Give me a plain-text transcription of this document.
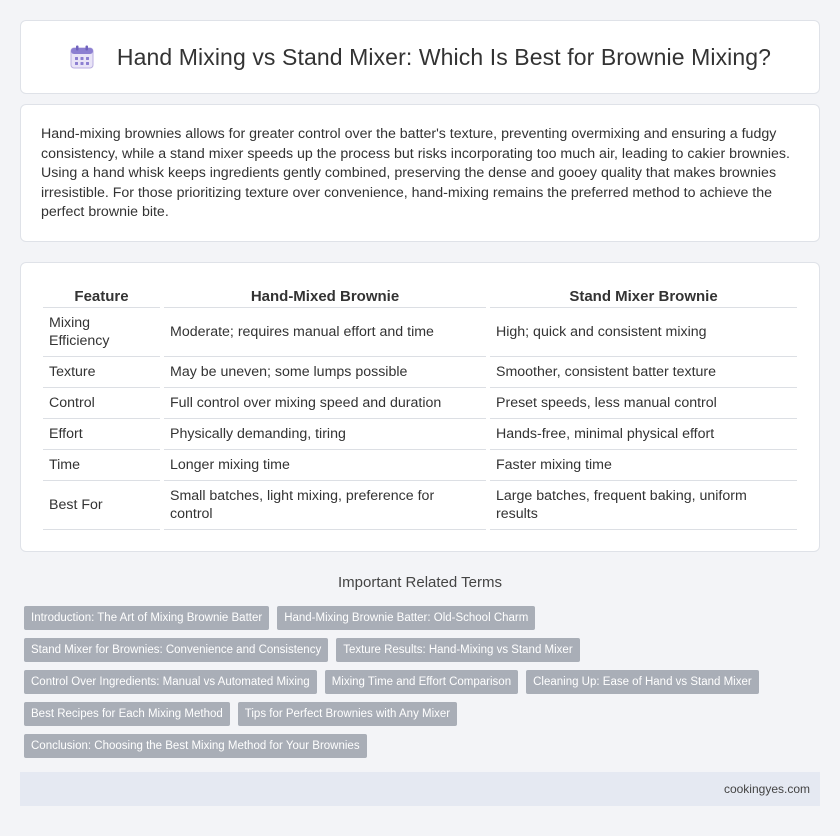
Hand Mixing vs Stand Mixer: Which Is Best for Brownie Mixing?

Hand-mixing brownies allows for greater control over the batter's texture, preventing overmixing and ensuring a fudgy consistency, while a stand mixer speeds up the process but risks incorporating too much air, leading to cakier brownies. Using a hand whisk keeps ingredients gently combined, preserving the dense and gooey quality that makes brownies irresistible. For those prioritizing texture over convenience, hand-mixing remains the preferred method to achieve the perfect brownie bite.

Feature	Hand-Mixed Brownie	Stand Mixer Brownie
Mixing Efficiency	Moderate; requires manual effort and time	High; quick and consistent mixing
Texture	May be uneven; some lumps possible	Smoother, consistent batter texture
Control	Full control over mixing speed and duration	Preset speeds, less manual control
Effort	Physically demanding, tiring	Hands-free, minimal physical effort
Time	Longer mixing time	Faster mixing time
Best For	Small batches, light mixing, preference for control	Large batches, frequent baking, uniform results
Important Related Terms
Introduction: The Art of Mixing Brownie Batter	Hand-Mixing Brownie Batter: Old-School Charm
Stand Mixer for Brownies: Convenience and Consistency	Texture Results: Hand-Mixing vs Stand Mixer
Control Over Ingredients: Manual vs Automated Mixing	Mixing Time and Effort Comparison	Cleaning Up: Ease of Hand vs Stand Mixer
Best Recipes for Each Mixing Method	Tips for Perfect Brownies with Any Mixer
Conclusion: Choosing the Best Mixing Method for Your Brownies
cookingyes.com
